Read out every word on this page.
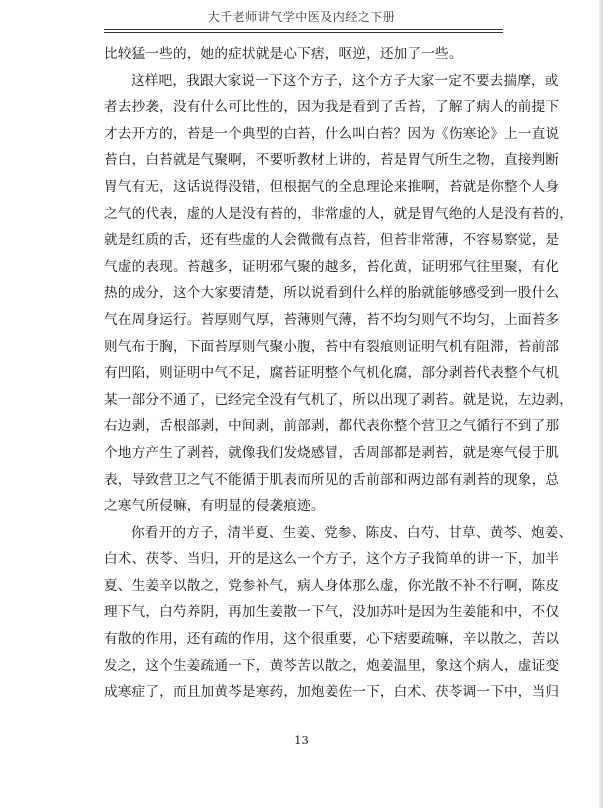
大千老师讲气学中医及内经之下册
比较猛一些的，她的症状就是心下痞，呕逆，还加了一些。
这样吧，我跟大家说一下这个方子，这个方子大家一定不要去揣摩，或
者去抄袭，没有什么可比性的，因为我是看到了舌苔，了解了病人的前提下
才去开方的，苔是一个典型的白苔，什么叫白苔？因为《伤寒论》上一直说
苔白，白苔就是气聚啊，不要听教材上讲的，苔是胃气所生之物，直接判断
胃气有无，这话说得没错，但根据气的全息理论来推啊，苔就是你整个人身
之气的代表，虚的人是没有苔的，非常虚的人，就是胃气绝的人是没有苔的，
就是红质的舌，还有些虚的人会微微有点苔，但苔非常薄，不容易察觉，是
气虚的表现。苔越多，证明邪气聚的越多，苔化黄，证明邪气往里聚，有化
热的成分，这个大家要清楚，所以说看到什么样的胎就能够感受到一股什么
气在周身运行。苔厚则气厚，苔薄则气薄，苔不均匀则气不均匀，上面苔多
则气布于胸，下面苔厚则气聚小腹，苔中有裂痕则证明气机有阻滞，苔前部
有凹陷，则证明中气不足，腐苔证明整个气机化腐，部分剥苔代表整个气机
某一部分不通了，已经完全没有气机了，所以出现了剥苔。就是说，左边剥，
右边剥，舌根部剥，中间剥，前部剥，都代表你整个营卫之气循行不到了那
个地方产生了剥苔，就像我们发烧感冒，舌周部都是剥苔，就是寒气侵于肌
表，导致营卫之气不能循于肌表而所见的舌前部和两边部有剥苔的现象，总
之寒气所侵嘛，有明显的侵袭痕迹。
你看开的方子，清半夏、生姜、党参、陈皮、白芍、甘草、黄芩、炮姜、
白术、茯苓、当归，开的是这么一个方子，这个方子我简单的讲一下，加半
夏、生姜辛以散之，党参补气，病人身体那么虚，你光散不补不行啊，陈皮
理下气，白芍养阴，再加生姜散一下气，没加苏叶是因为生姜能和中，不仅
有散的作用，还有疏的作用，这个很重要，心下痞要疏嘛，辛以散之，苦以
发之，这个生姜疏通一下，黄芩苦以散之，炮姜温里，象这个病人，虚证变
成寒症了，而且加黄芩是寒药，加炮姜佐一下，白术、茯苓调一下中，当归
13
